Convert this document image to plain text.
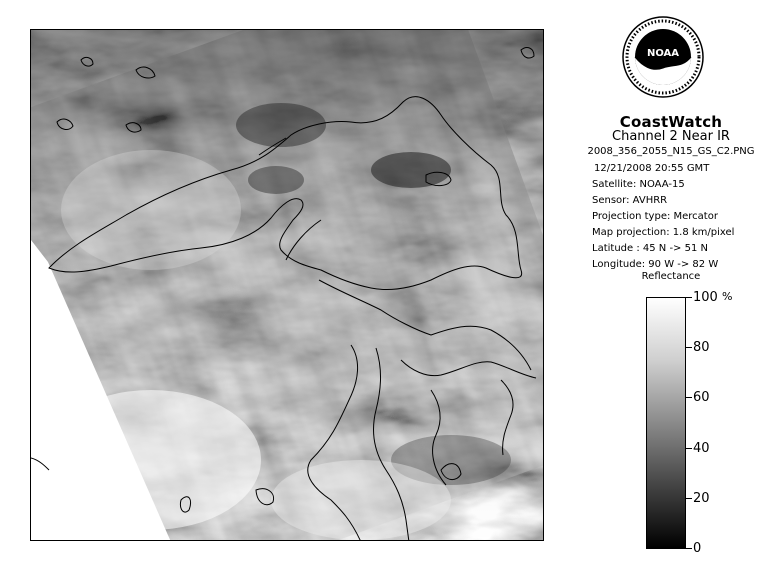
NOAA
CoastWatch
Channel 2 Near IR
2008_356_2055_N15_GS_C2.PNG
12/21/2008 20:55 GMT
Satellite: NOAA-15
Sensor: AVHRR
Projection type: Mercator
Map projection: 1.8 km/pixel
Latitude : 45 N -> 51 N
Longitude: 90 W -> 82 W
Reflectance
%
100
80
60
40
20
0
